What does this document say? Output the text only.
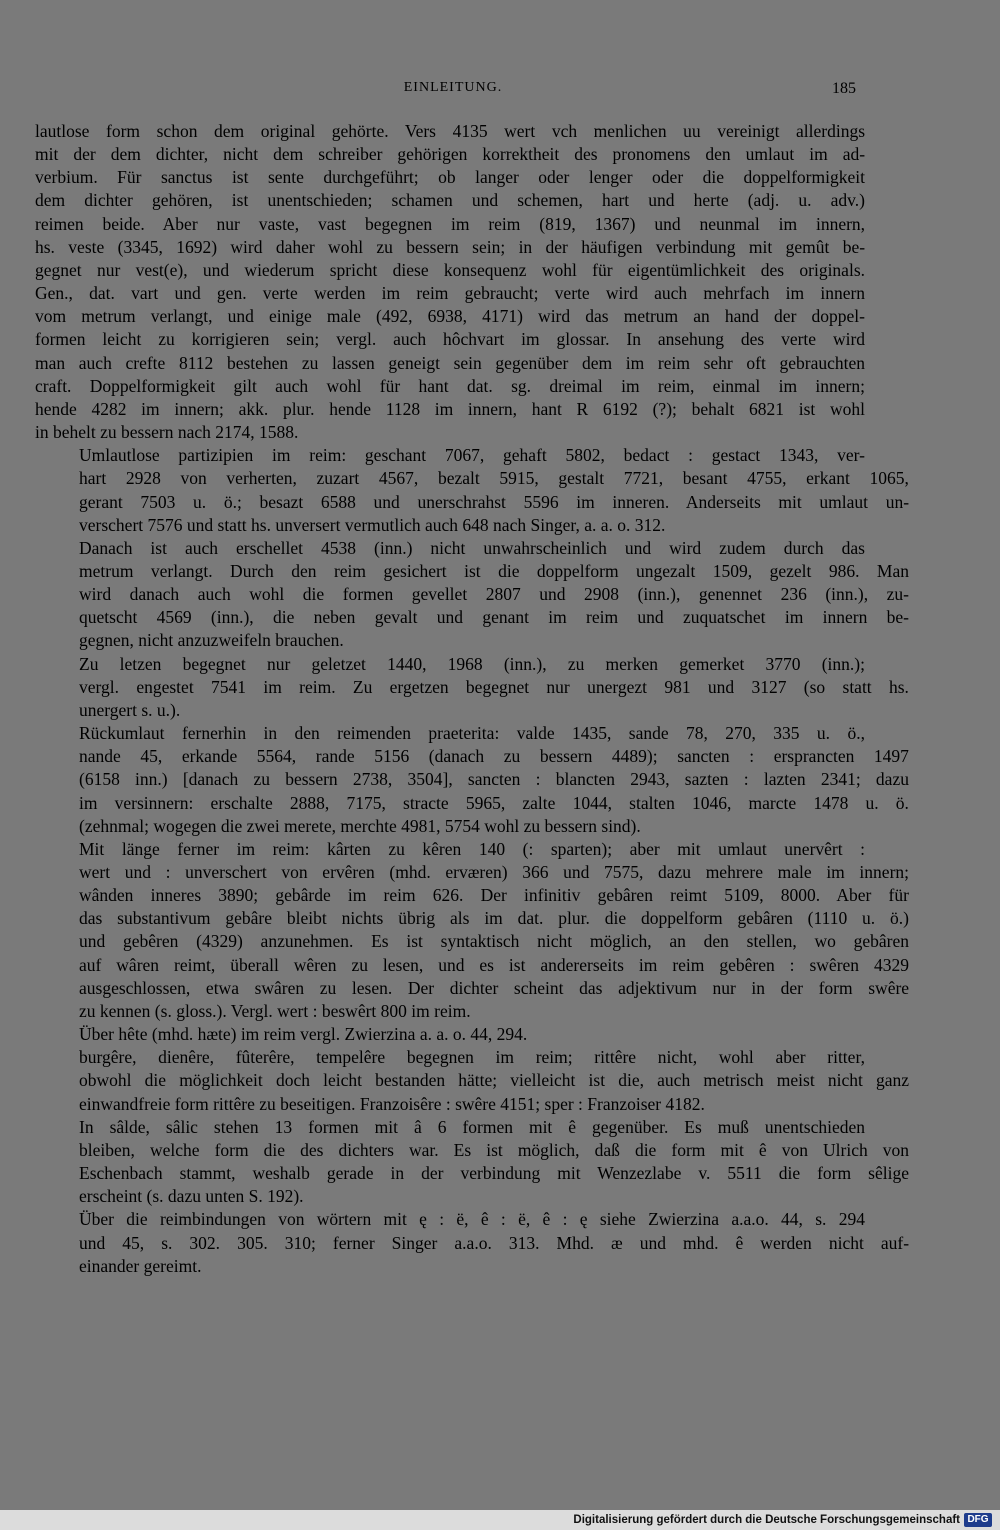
EINLEITUNG.	185

lautlose form schon dem original gehörte. Vers 4135 wert vch menlichen uu vereinigt allerdings
mit der dem dichter, nicht dem schreiber gehörigen korrektheit des pronomens den umlaut im ad-
verbium. Für sanctus ist sente durchgeführt; ob langer oder lenger oder die doppelformigkeit
dem dichter gehören, ist unentschieden; schamen und schemen, hart und herte (adj. u. adv.)
reimen beide. Aber nur vaste, vast begegnen im reim (819, 1367) und neunmal im innern,
hs. veste (3345, 1692) wird daher wohl zu bessern sein; in der häufigen verbindung mit gemût be-
gegnet nur vest(e), und wiederum spricht diese konsequenz wohl für eigentümlichkeit des originals.
Gen., dat. vart und gen. verte werden im reim gebraucht; verte wird auch mehrfach im innern
vom metrum verlangt, und einige male (492, 6938, 4171) wird das metrum an hand der doppel-
formen leicht zu korrigieren sein; vergl. auch hôchvart im glossar. In ansehung des verte wird
man auch crefte 8112 bestehen zu lassen geneigt sein gegenüber dem im reim sehr oft gebrauchten
craft. Doppelformigkeit gilt auch wohl für hant dat. sg. dreimal im reim, einmal im innern;
hende 4282 im innern; akk. plur. hende 1128 im innern, hant R 6192 (?); behalt 6821 ist wohl
in behelt zu bessern nach 2174, 1588.

Umlautlose partizipien im reim: geschant 7067, gehaft 5802, bedact : gestact 1343, ver-
hart 2928 von verherten, zuzart 4567, bezalt 5915, gestalt 7721, besant 4755, erkant 1065,
gerant 7503 u. ö.; besazt 6588 und unerschrahst 5596 im inneren. Anderseits mit umlaut un-
verschert 7576 und statt hs. unversert vermutlich auch 648 nach Singer, a. a. o. 312.

Danach ist auch erschellet 4538 (inn.) nicht unwahrscheinlich und wird zudem durch das
metrum verlangt. Durch den reim gesichert ist die doppelform ungezalt 1509, gezelt 986. Man
wird danach auch wohl die formen gevellet 2807 und 2908 (inn.), genennet 236 (inn.), zu-
quetscht 4569 (inn.), die neben gevalt und genant im reim und zuquatschet im innern be-
gegnen, nicht anzuzweifeln brauchen.

Zu letzen begegnet nur geletzet 1440, 1968 (inn.), zu merken gemerket 3770 (inn.);
vergl. engestet 7541 im reim. Zu ergetzen begegnet nur unergezt 981 und 3127 (so statt hs.
unergert s. u.).

Rückumlaut fernerhin in den reimenden praeterita: valde 1435, sande 78, 270, 335 u. ö.,
nande 45, erkande 5564, rande 5156 (danach zu bessern 4489); sancten : ersprancten 1497
(6158 inn.) [danach zu bessern 2738, 3504], sancten : blancten 2943, sazten : lazten 2341; dazu
im versinnern: erschalte 2888, 7175, stracte 5965, zalte 1044, stalten 1046, marcte 1478 u. ö.
(zehnmal; wogegen die zwei merete, merchte 4981, 5754 wohl zu bessern sind).

Mit länge ferner im reim: kârten zu kêren 140 (: sparten); aber mit umlaut unervêrt :
wert und : unverschert von ervêren (mhd. erværen) 366 und 7575, dazu mehrere male im innern;
wânden inneres 3890; gebârde im reim 626. Der infinitiv gebâren reimt 5109, 8000. Aber für
das substantivum gebâre bleibt nichts übrig als im dat. plur. die doppelform gebâren (1110 u. ö.)
und gebêren (4329) anzunehmen. Es ist syntaktisch nicht möglich, an den stellen, wo gebâren
auf wâren reimt, überall wêren zu lesen, und es ist andererseits im reim gebêren : swêren 4329
ausgeschlossen, etwa swâren zu lesen. Der dichter scheint das adjektivum nur in der form swêre
zu kennen (s. gloss.). Vergl. wert : beswêrt 800 im reim.

Über hête (mhd. hæte) im reim vergl. Zwierzina a. a. o. 44, 294.

burgêre, dienêre, fûterêre, tempelêre begegnen im reim; rittêre nicht, wohl aber ritter,
obwohl die möglichkeit doch leicht bestanden hätte; vielleicht ist die, auch metrisch meist nicht ganz
einwandfreie form rittêre zu beseitigen. Franzoisêre : swêre 4151; sper : Franzoiser 4182.

In sâlde, sâlic stehen 13 formen mit â 6 formen mit ê gegenüber. Es muß unentschieden
bleiben, welche form die des dichters war. Es ist möglich, daß die form mit ê von Ulrich von
Eschenbach stammt, weshalb gerade in der verbindung mit Wenzezlabe v. 5511 die form sêlige
erscheint (s. dazu unten S. 192).

Über die reimbindungen von wörtern mit ę : ë, ê : ë, ê : ę siehe Zwierzina a.a.o. 44, s. 294
und 45, s. 302. 305. 310; ferner Singer a.a.o. 313. Mhd. æ und mhd. ê werden nicht auf-
einander gereimt.

Digitalisierung gefördert durch die Deutsche Forschungsgemeinschaft DFG
